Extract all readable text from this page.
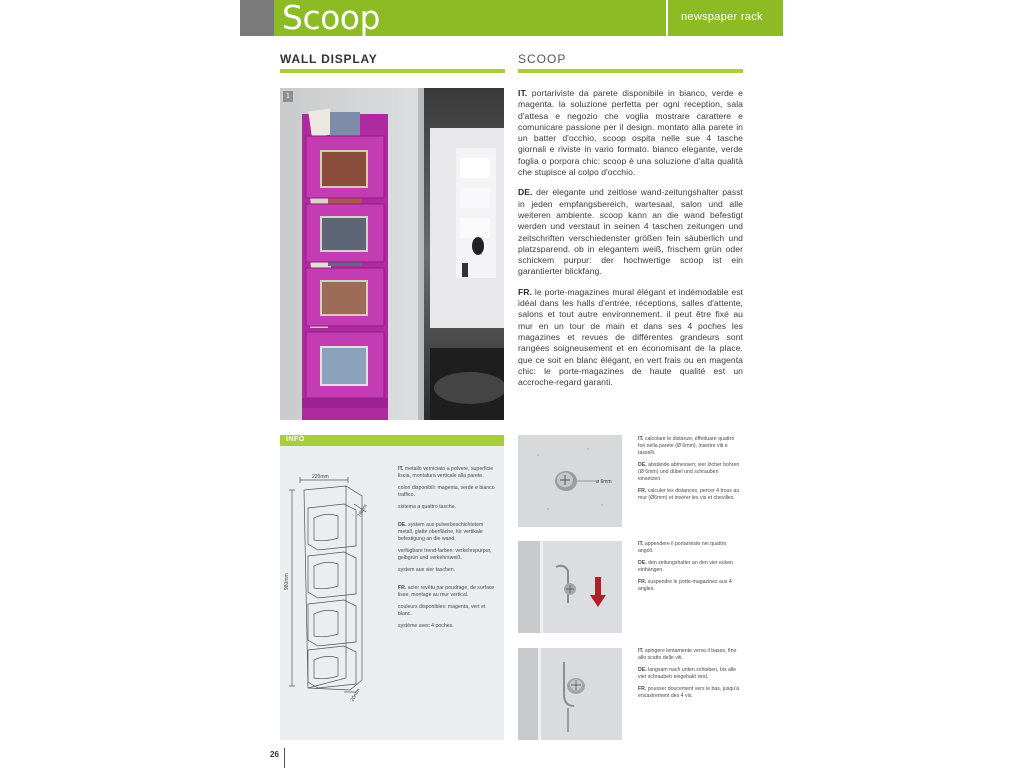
Scoop	newspaper rack
WALL DISPLAY	SCOOP
1	IT. portariviste da parete disponibile in bianco, verde e magenta. la soluzione perfetta per ogni reception, sala d'attesa e negozio che voglia mostrare carattere e comunicare passione per il design. montato alla parete in un batter d'occhio, scoop ospita nelle sue 4 tasche giornali e riviste in vario formato. bianco elegante, verde foglia o porpora chic: scoop è una soluzione d'alta qualità che stupisce al colpo d'occhio.

DE. der elegante und zeitlose wand-zeitungshalter passt in jeden empfangsbereich, wartesaal, salon und alle weiteren ambiente. scoop kann an die wand befestigt werden und verstaut in seinen 4 taschen zeitungen und zeitschriften verschiedenster größen fein säuberlich und platzsparend. ob in elegantem weiß, frischem grün oder schickem purpur: der hochwertige scoop ist ein garantierter blickfang.

FR. le porte-magazines mural élégant et indémodable est idéal dans les halls d'entrée, réceptions, salles d'attente, salons et tout autre environnement. il peut être fixé au mur en un tour de main et dans ses 4 poches les magazines et revues de différentes grandeurs sont rangées soigneusement et en économisant de la place. que ce soit en blanc élégant, en vert frais ou en magenta chic: le porte-magazines de haute qualité est un accroche-regard garanti.

INFO
220mm
78mm
980mm
20mm

IT. metallo verniciato a polvere, superficie liscia, montatura verticale alla parete.

colori disponibili: magenta, verde e bianco traffico.

sistema a quattro tasche.

DE. system aus pulverbeschichtetem metall, glatte oberfläche, für vertikale befestigung an die wand.

verfügbare trend-farben: verkehrspurpur, gelbgrün und verkehrsweiß.

system aus vier taschen.

FR. acier revêtu par poudrage, de surface lisse, montage au mur vertical.

couleurs disponibles: magenta, vert et blanc.

système avec 4 poches.

ø 6mm

IT. calcolare le distanze, effettuare quattro fori nella parete (Ø 6mm), inserire viti e tasselli.

DE. abstände abmessen; vier löcher bohren (Ø 6mm) und dübel und schrauben einsetzen.

FR. calculer les distances, percer 4 trous au mur (Ø6mm) et insérer les vis et chevilles.

IT. appendere il portariviste nei quattro angoli.

DE. den zeitungshalter an den vier ecken einhängen.

FR. suspendre le porte-magazines aux 4 angles.

IT. spingere lentamente verso il basso, fino allo scatto delle viti.

DE. langsam nach unten schieben, bis alle vier schrauben eingehakt sind.

FR. pousser doucement vers le bas, jusqu'à encastrement des 4 vis.

26
